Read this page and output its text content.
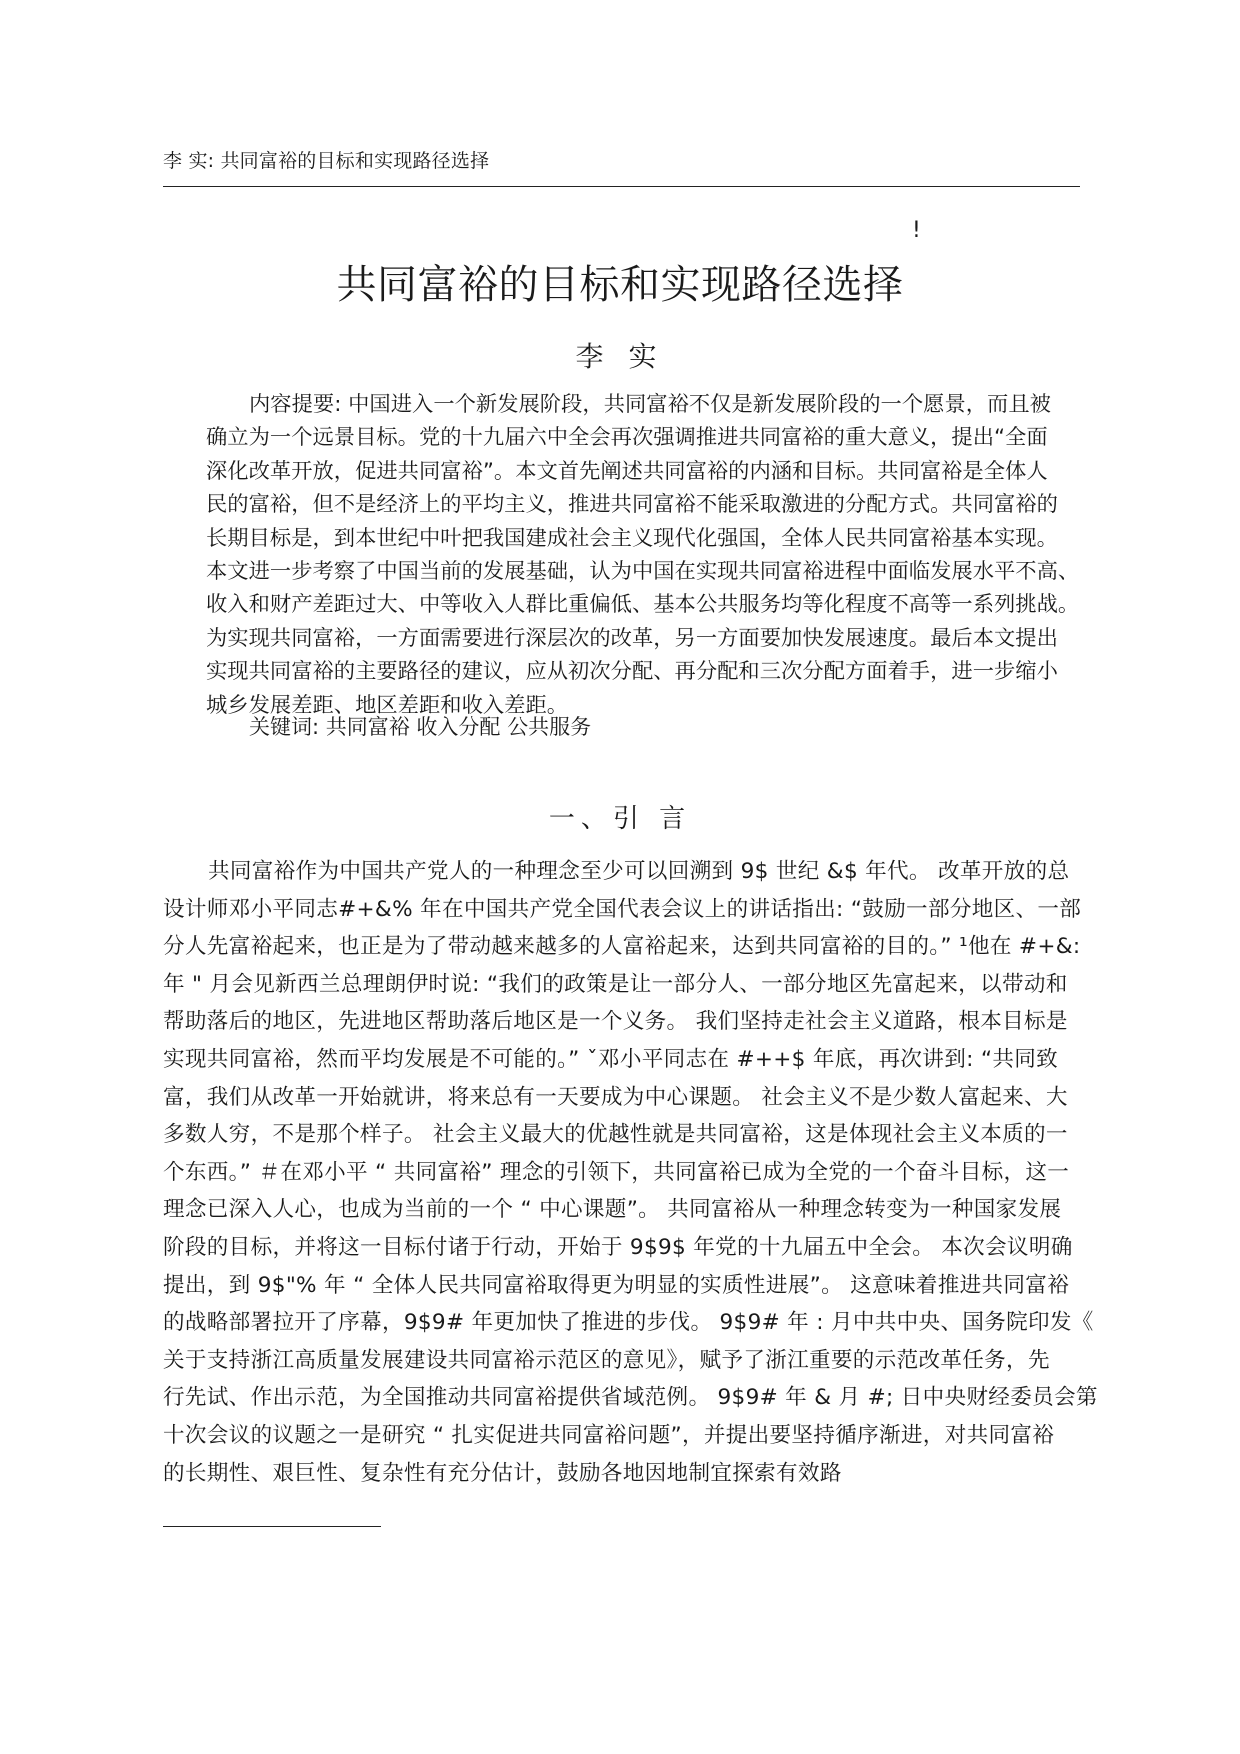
李 实: 共同富裕的目标和实现路径选择
!
共同富裕的目标和实现路径选择
李 实
内容提要: 中国进入一个新发展阶段，共同富裕不仅是新发展阶段的一个愿景，而且被
确立为一个远景目标。党的十九届六中全会再次强调推进共同富裕的重大意义，提出“全面
深化改革开放，促进共同富裕”。本文首先阐述共同富裕的内涵和目标。共同富裕是全体人
民的富裕，但不是经济上的平均主义，推进共同富裕不能采取激进的分配方式。共同富裕的
长期目标是，到本世纪中叶把我国建成社会主义现代化强国，全体人民共同富裕基本实现。
本文进一步考察了中国当前的发展基础，认为中国在实现共同富裕进程中面临发展水平不高、
收入和财产差距过大、中等收入人群比重偏低、基本公共服务均等化程度不高等一系列挑战。
为实现共同富裕，一方面需要进行深层次的改革，另一方面要加快发展速度。最后本文提出
实现共同富裕的主要路径的建议，应从初次分配、再分配和三次分配方面着手，进一步缩小
城乡发展差距、地区差距和收入差距。
关键词: 共同富裕 收入分配 公共服务
一、引 言
共同富裕作为中国共产党人的一种理念至少可以回溯到 9$ 世纪 &$ 年代。 改革开放的总
设计师邓小平同志#+&% 年在中国共产党全国代表会议上的讲话指出: “鼓励一部分地区、一部
分人先富裕起来，也正是为了带动越来越多的人富裕起来，达到共同富裕的目的。” ¹他在 #+&:
年 " 月会见新西兰总理朗伊时说: “我们的政策是让一部分人、一部分地区先富起来，以带动和
帮助落后的地区，先进地区帮助落后地区是一个义务。 我们坚持走社会主义道路，根本目标是
实现共同富裕，然而平均发展是不可能的。” ˇ邓小平同志在 #++$ 年底，再次讲到: “共同致
富，我们从改革一开始就讲，将来总有一天要成为中心课题。 社会主义不是少数人富起来、大
多数人穷，不是那个样子。 社会主义最大的优越性就是共同富裕，这是体现社会主义本质的一
个东西。” ＃在邓小平 “ 共同富裕” 理念的引领下，共同富裕已成为全党的一个奋斗目标，这一
理念已深入人心，也成为当前的一个 “ 中心课题”。 共同富裕从一种理念转变为一种国家发展
阶段的目标，并将这一目标付诸于行动，开始于 9$9$ 年党的十九届五中全会。 本次会议明确
提出，到 9$"% 年 “ 全体人民共同富裕取得更为明显的实质性进展”。 这意味着推进共同富裕
的战略部署拉开了序幕，9$9# 年更加快了推进的步伐。 9$9# 年 : 月中共中央、国务院印发《
关于支持浙江高质量发展建设共同富裕示范区的意见》，赋予了浙江重要的示范改革任务，先
行先试、作出示范，为全国推动共同富裕提供省域范例。 9$9# 年 & 月 #; 日中央财经委员会第
十次会议的议题之一是研究 “ 扎实促进共同富裕问题”，并提出要坚持循序渐进，对共同富裕
的长期性、艰巨性、复杂性有充分估计，鼓励各地因地制宜探索有效路
